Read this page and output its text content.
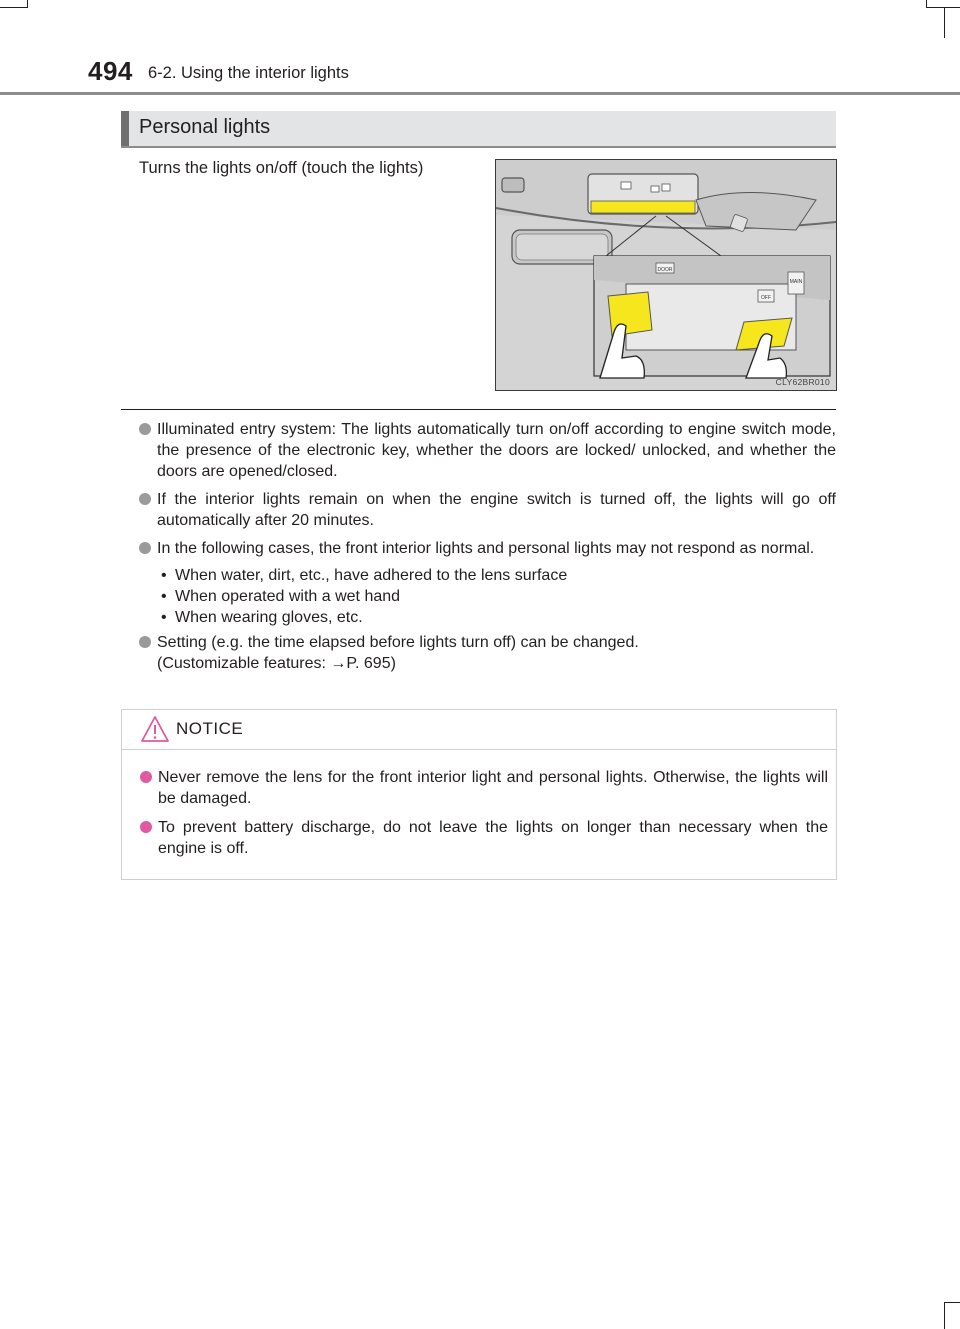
494 6-2. Using the interior lights
Personal lights
Turns the lights on/off (touch the lights)
DOOR
OFF
MAIN
CLY62BR010
Illuminated entry system: The lights automatically turn on/off according to engine switch mode, the presence of the electronic key, whether the doors are locked/ unlocked, and whether the doors are opened/closed.
If the interior lights remain on when the engine switch is turned off, the lights will go off automatically after 20 minutes.
In the following cases, the front interior lights and personal lights may not respond as normal.
• When water, dirt, etc., have adhered to the lens surface
• When operated with a wet hand
• When wearing gloves, etc.
Setting (e.g. the time elapsed before lights turn off) can be changed.
(Customizable features: →P. 695)
NOTICE
Never remove the lens for the front interior light and personal lights. Otherwise, the lights will be damaged.
To prevent battery discharge, do not leave the lights on longer than necessary when the engine is off.
